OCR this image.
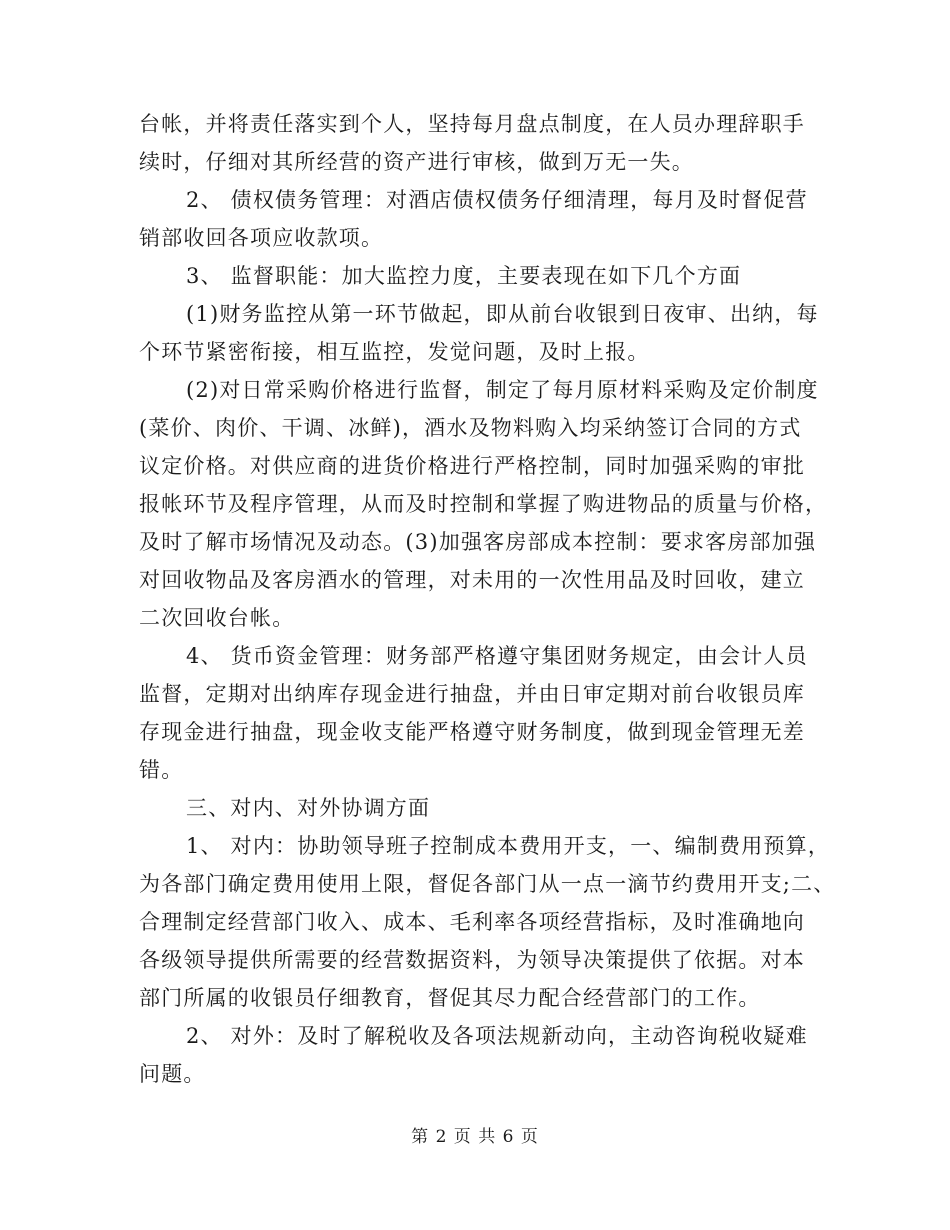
台帐，并将责任落实到个人，坚持每月盘点制度，在人员办理辞职手
续时，仔细对其所经营的资产进行审核，做到万无一失。
2、 债权债务管理：对酒店债权债务仔细清理，每月及时督促营
销部收回各项应收款项。
3、 监督职能：加大监控力度，主要表现在如下几个方面
(1)财务监控从第一环节做起，即从前台收银到日夜审、出纳，每
个环节紧密衔接，相互监控，发觉问题，及时上报。
(2)对日常采购价格进行监督，制定了每月原材料采购及定价制度
(菜价、肉价、干调、冰鲜)，酒水及物料购入均采纳签订合同的方式
议定价格。对供应商的进货价格进行严格控制，同时加强采购的审批
报帐环节及程序管理，从而及时控制和掌握了购进物品的质量与价格，
及时了解市场情况及动态。(3)加强客房部成本控制：要求客房部加强
对回收物品及客房酒水的管理，对未用的一次性用品及时回收，建立
二次回收台帐。
4、 货币资金管理：财务部严格遵守集团财务规定，由会计人员
监督，定期对出纳库存现金进行抽盘，并由日审定期对前台收银员库
存现金进行抽盘，现金收支能严格遵守财务制度，做到现金管理无差
错。
三、对内、对外协调方面
1、 对内：协助领导班子控制成本费用开支，一、编制费用预算，
为各部门确定费用使用上限，督促各部门从一点一滴节约费用开支;二、
合理制定经营部门收入、成本、毛利率各项经营指标，及时准确地向
各级领导提供所需要的经营数据资料，为领导决策提供了依据。对本
部门所属的收银员仔细教育，督促其尽力配合经营部门的工作。
2、 对外：及时了解税收及各项法规新动向，主动咨询税收疑难
问题。
第 2 页 共 6 页
